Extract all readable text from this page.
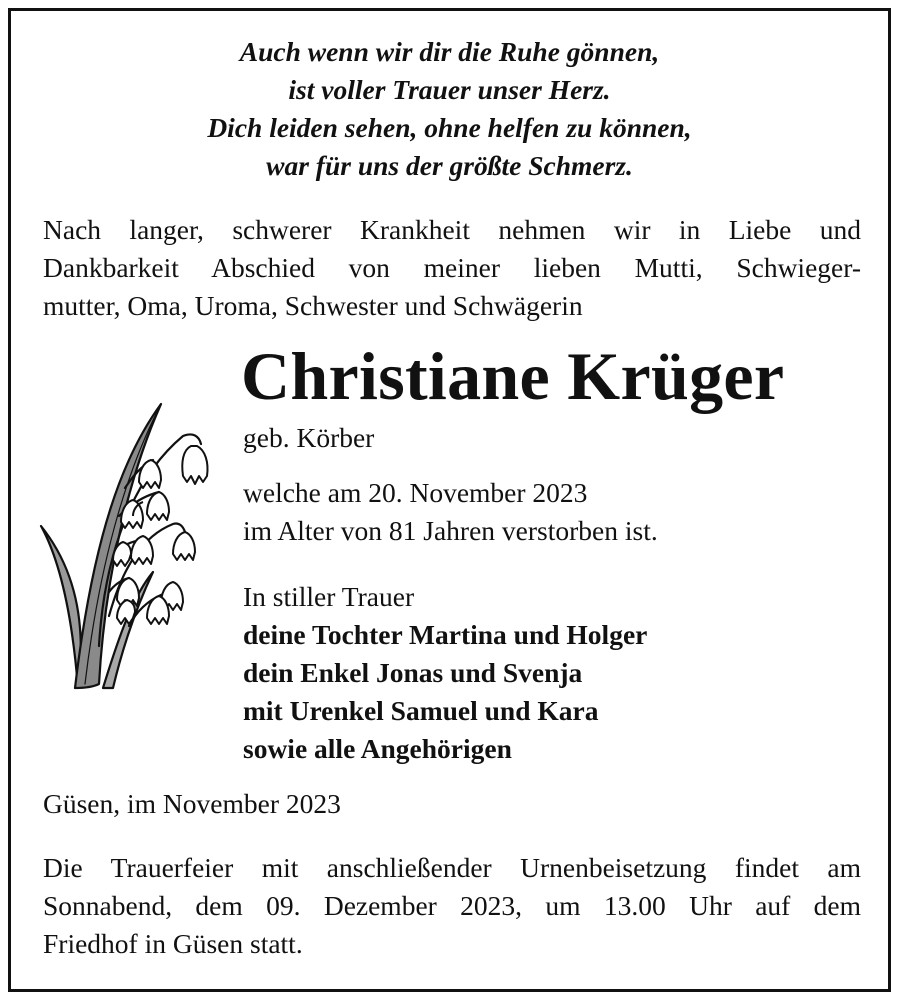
Auch wenn wir dir die Ruhe gönnen,
ist voller Trauer unser Herz.
Dich leiden sehen, ohne helfen zu können,
war für uns der größte Schmerz.
Nach langer, schwerer Krankheit nehmen wir in Liebe und
Dankbarkeit Abschied von meiner lieben Mutti, Schwieger-
mutter, Oma, Uroma, Schwester und Schwägerin
Christiane Krüger
geb. Körber
welche am 20. November 2023
im Alter von 81 Jahren verstorben ist.
In stiller Trauer
deine Tochter Martina und Holger
dein Enkel Jonas und Svenja
mit Urenkel Samuel und Kara
sowie alle Angehörigen
Güsen, im November 2023
Die Trauerfeier mit anschließender Urnenbeisetzung findet am
Sonnabend, dem 09. Dezember 2023, um 13.00 Uhr auf dem
Friedhof in Güsen statt.
